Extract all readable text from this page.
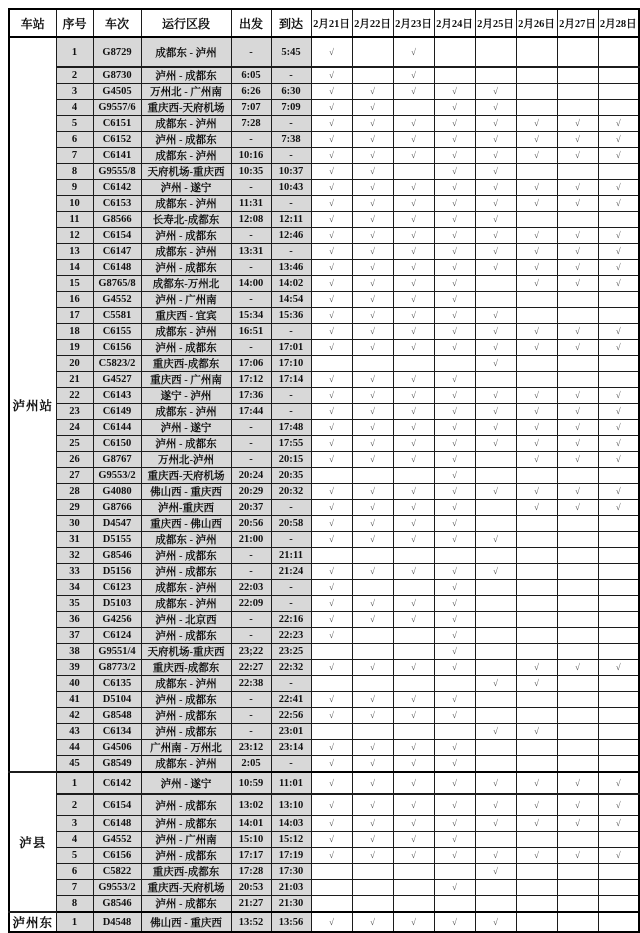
车站	序号	车次	运行区段	出发	到达	2月21日	2月22日	2月23日	2月24日	2月25日	2月26日	2月27日	2月28日
泸州站	1	G8729	成都东 - 泸州	-	5:45	√		√					
	2	G8730	泸州 - 成都东	6:05	-	√		√					
	3	G4505	万州北 - 广州南	6:26	6:30	√	√	√	√	√			
	4	G9557/6	重庆西-天府机场	7:07	7:09	√	√		√	√			
	5	C6151	成都东 - 泸州	7:28	-	√	√	√	√	√	√	√	√
	6	C6152	泸州 - 成都东	-	7:38	√	√	√	√	√	√	√	√
	7	C6141	成都东 - 泸州	10:16	-	√	√	√	√	√	√	√	√
	8	G9555/8	天府机场-重庆西	10:35	10:37	√	√		√	√			
	9	C6142	泸州 - 遂宁	-	10:43	√	√	√	√	√	√	√	√
	10	C6153	成都东 - 泸州	11:31	-	√	√	√	√	√	√	√	√
	11	G8566	长寿北-成都东	12:08	12:11	√	√	√	√	√			
	12	C6154	泸州 - 成都东	-	12:46	√	√	√	√	√	√	√	√
	13	C6147	成都东 - 泸州	13:31	-	√	√	√	√	√	√	√	√
	14	C6148	泸州 - 成都东	-	13:46	√	√	√	√	√	√	√	√
	15	G8765/8	成都东-万州北	14:00	14:02	√	√	√	√		√	√	√
	16	G4552	泸州 - 广州南	-	14:54	√	√	√	√				
	17	C5581	重庆西 - 宜宾	15:34	15:36	√	√	√	√	√			
	18	C6155	成都东 - 泸州	16:51	-	√	√	√	√	√	√	√	√
	19	C6156	泸州 - 成都东	-	17:01	√	√	√	√	√	√	√	√
	20	C5823/2	重庆西-成都东	17:06	17:10					√			
	21	G4527	重庆西 - 广州南	17:12	17:14	√	√	√	√				
	22	C6143	遂宁 - 泸州	17:36	-	√	√	√	√	√	√	√	√
	23	C6149	成都东 - 泸州	17:44	-	√	√	√	√	√	√	√	√
	24	C6144	泸州 - 遂宁	-	17:48	√	√	√	√	√	√	√	√
	25	C6150	泸州 - 成都东	-	17:55	√	√	√	√	√	√	√	√
	26	G8767	万州北-泸州	-	20:15	√	√	√	√		√	√	√
	27	G9553/2	重庆西-天府机场	20:24	20:35				√				
	28	G4080	佛山西 - 重庆西	20:29	20:32	√	√	√	√	√	√	√	√
	29	G8766	泸州-重庆西	20:37	-	√	√	√	√		√	√	√
	30	D4547	重庆西 - 佛山西	20:56	20:58	√	√	√	√				
	31	D5155	成都东 - 泸州	21:00	-	√	√	√	√	√			
	32	G8546	泸州 - 成都东	-	21:11								
	33	D5156	泸州 - 成都东	-	21:24	√	√	√	√	√			
	34	C6123	成都东 - 泸州	22:03	-	√			√				
	35	D5103	成都东 - 泸州	22:09	-	√	√	√	√				
	36	G4256	泸州 - 北京西	-	22:16	√	√	√	√				
	37	C6124	泸州 - 成都东	-	22:23	√			√				
	38	G9551/4	天府机场-重庆西	23;22	23:25				√				
	39	G8773/2	重庆西-成都东	22:27	22:32	√	√	√	√		√	√	√
	40	C6135	成都东 - 泸州	22:38	-					√	√		
	41	D5104	泸州 - 成都东	-	22:41	√	√	√	√				
	42	G8548	泸州 - 成都东	-	22:56	√	√	√	√				
	43	C6134	泸州 - 成都东	-	23:01					√	√		
	44	G4506	广州南 - 万州北	23:12	23:14	√	√	√	√				
	45	G8549	成都东 - 泸州	2:05	-	√	√	√	√				
泸县	1	C6142	泸州 - 遂宁	10:59	11:01	√	√	√	√	√	√	√	√
	2	C6154	泸州 - 成都东	13:02	13:10	√	√	√	√	√	√	√	√
	3	C6148	泸州 - 成都东	14:01	14:03	√	√	√	√	√	√	√	√
	4	G4552	泸州 - 广州南	15:10	15:12	√	√	√	√				
	5	C6156	泸州 - 成都东	17:17	17:19	√	√	√	√	√	√	√	√
	6	C5822	重庆西-成都东	17:28	17:30					√			
	7	G9553/2	重庆西-天府机场	20:53	21:03				√				
	8	G8546	泸州 - 成都东	21:27	21:30								
泸州东	1	D4548	佛山西 - 重庆西	13:52	13:56	√	√	√	√	√			
